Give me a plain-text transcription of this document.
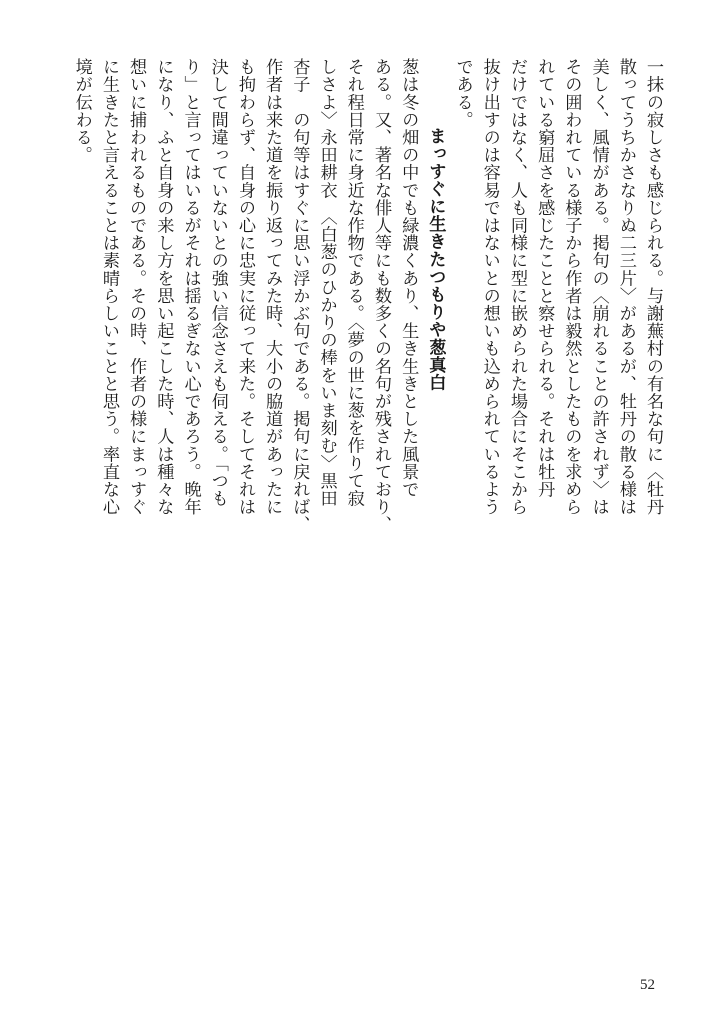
一抹の寂しさも感じられる。与謝蕪村の有名な句に〈牡丹
散ってうちかさなりぬ二三片〉があるが、牡丹の散る様は
美しく、風情がある。掲句の〈崩れることの許されず〉は
その囲われている様子から作者は毅然としたものを求めら
れている窮屈さを感じたことと察せられる。それは牡丹
だけではなく、人も同様に型に嵌められた場合にそこから
抜け出すのは容易ではないとの想いも込められているよう
である。
まっすぐに生きたつもりや葱真白
葱は冬の畑の中でも緑濃くあり、生き生きとした風景で
ある。又、著名な俳人等にも数多くの名句が残されており、
それ程日常に身近な作物である。〈夢の世に葱を作りて寂
しさよ〉永田耕衣　〈白葱のひかりの棒をいま刻む〉黒田
杏子　の句等はすぐに思い浮かぶ句である。掲句に戻れば、
作者は来た道を振り返ってみた時、大小の脇道があったに
も拘わらず、自身の心に忠実に従って来た。そしてそれは
決して間違っていないとの強い信念さえも伺える。「つも
り」と言ってはいるがそれは揺るぎない心であろう。晩年
になり、ふと自身の来し方を思い起こした時、人は種々な
想いに捕われるものである。その時、作者の様にまっすぐ
に生きたと言えることは素晴らしいことと思う。率直な心
境が伝わる。
52
